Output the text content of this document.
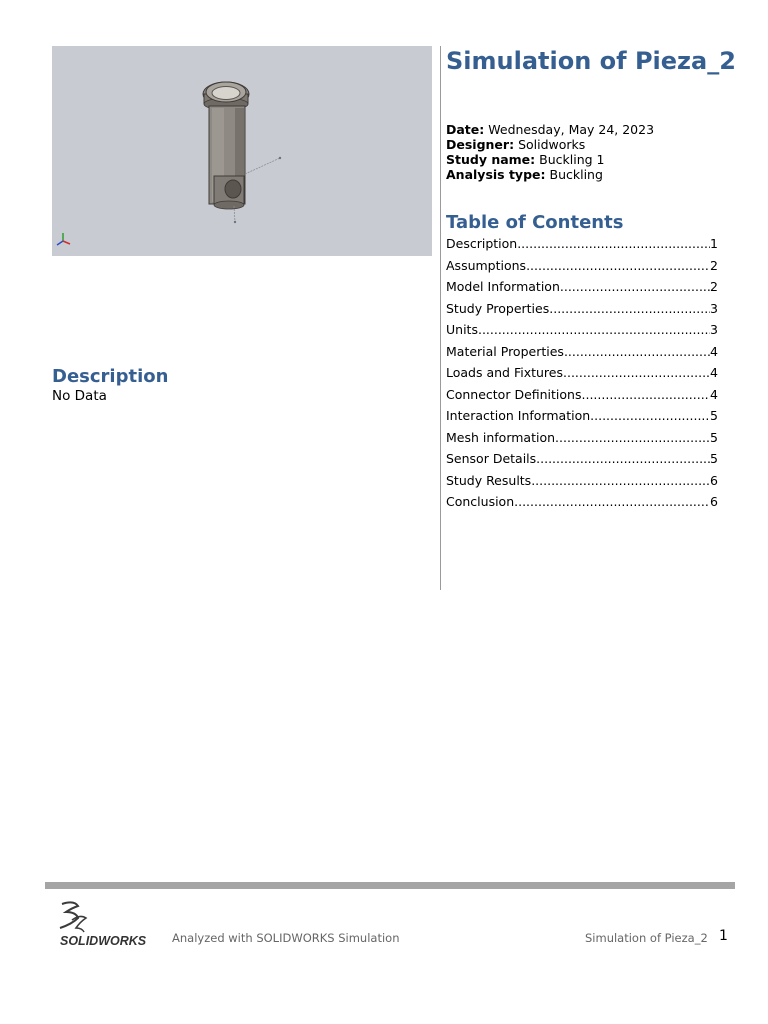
Simulation of Pieza_2
Date: Wednesday, May 24, 2023
Designer: Solidworks
Study name: Buckling 1
Analysis type: Buckling
Table of Contents
Description .....	1
Assumptions .....	2
Model Information .....	2
Study Properties .....	3
Units .....	3
Material Properties .....	4
Loads and Fixtures .....	4
Connector Definitions .....	4
Interaction Information .....	5
Mesh information .....	5
Sensor Details .....	5
Study Results .....	6
Conclusion .....	6
Description
No Data
SOLIDWORKS Analyzed with SOLIDWORKS Simulation	Simulation of Pieza_2 1
